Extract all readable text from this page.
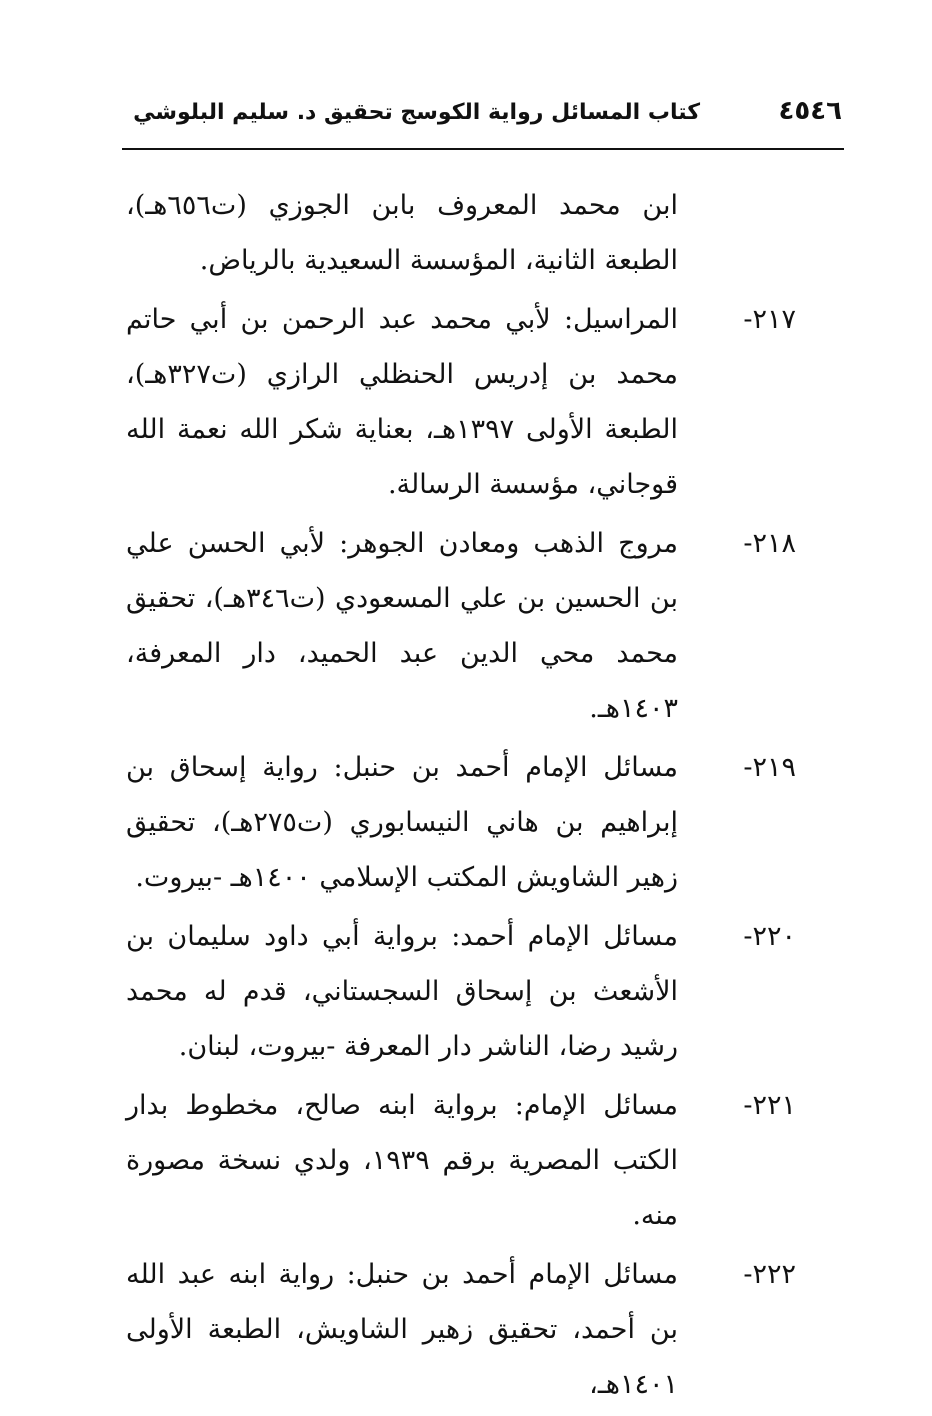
٤٥٤٦
كتاب المسائل رواية الكوسج تحقيق د. سليم البلوشي
ابن محمد المعروف بابن الجوزي (ت٦٥٦هـ)، الطبعة الثانية، المؤسسة السعيدية بالرياض.
٢١٧-
المراسيل: لأبي محمد عبد الرحمن بن أبي حاتم محمد بن إدريس الحنظلي الرازي (ت٣٢٧هـ)، الطبعة الأولى ١٣٩٧هـ، بعناية شكر الله نعمة الله قوجاني، مؤسسة الرسالة.
٢١٨-
مروج الذهب ومعادن الجوهر: لأبي الحسن علي بن الحسين بن علي المسعودي (ت٣٤٦هـ)، تحقيق محمد محي الدين عبد الحميد، دار المعرفة، ١٤٠٣هـ.
٢١٩-
مسائل الإمام أحمد بن حنبل: رواية إسحاق بن إبراهيم بن هاني النيسابوري (ت٢٧٥هـ)، تحقيق زهير الشاويش المكتب الإسلامي ١٤٠٠هـ -بيروت.
٢٢٠-
مسائل الإمام أحمد: برواية أبي داود سليمان بن الأشعث بن إسحاق السجستاني، قدم له محمد رشيد رضا، الناشر دار المعرفة -بيروت، لبنان.
٢٢١-
مسائل الإمام: برواية ابنه صالح، مخطوط بدار الكتب المصرية برقم ١٩٣٩، ولدي نسخة مصورة منه.
٢٢٢-
مسائل الإمام أحمد بن حنبل: رواية ابنه عبد الله بن أحمد، تحقيق زهير الشاويش، الطبعة الأولى ١٤٠١هـ،
